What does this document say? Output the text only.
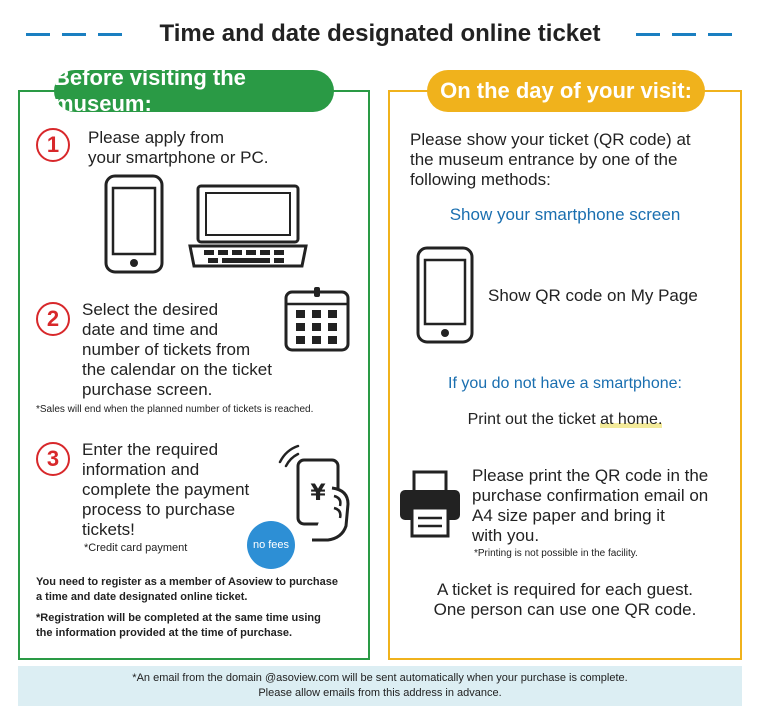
Time and date designated online ticket
Before visiting the museum:
On the day of your visit:
1	Please apply from
your smartphone or PC.
2	Select the desired
date and time and
number of tickets from
the calendar on the ticket
purchase screen.
*Sales will end when the planned number of tickets is reached.
3	Enter the required
information and
complete the payment
process to purchase
tickets!
*Credit card payment
¥
no fees
You need to register as a member of Asoview to purchase
a time and date designated online ticket.
*Registration will be completed at the same time using
the information provided at the time of purchase.
Please show your ticket (QR code) at
the museum entrance by one of the
following methods:
Show your smartphone screen
Show QR code on My Page
If you do not have a smartphone:
Print out the ticket at home.
Please print the QR code in the
purchase confirmation email on
A4 size paper and bring it
with you.
*Printing is not possible in the facility.
A ticket is required for each guest.
One person can use one QR code.
*An email from the domain @asoview.com will be sent automatically when your purchase is complete.
Please allow emails from this address in advance.
